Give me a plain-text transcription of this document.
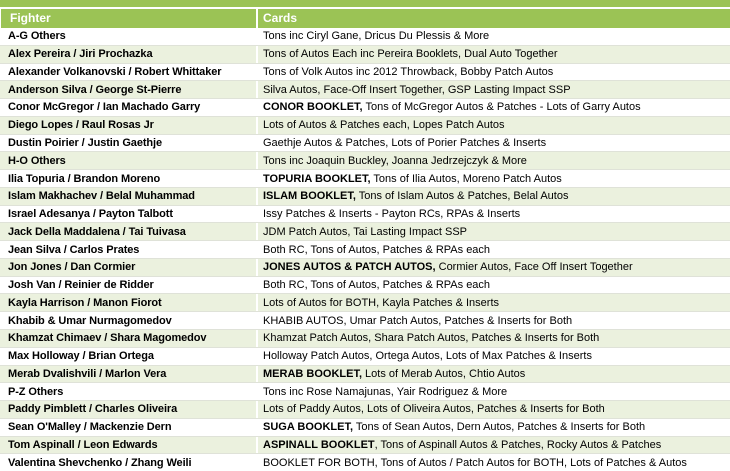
Fighter	Cards
A-G Others	Tons inc Ciryl Gane, Dricus Du Plessis & More
Alex Pereira / Jiri Prochazka	Tons of Autos Each inc Pereira Booklets, Dual Auto Together
Alexander Volkanovski / Robert Whittaker	Tons of Volk Autos inc 2012 Throwback, Bobby Patch Autos
Anderson Silva / George St-Pierre	Silva Autos, Face-Off Insert Together, GSP Lasting Impact SSP
Conor McGregor / Ian Machado Garry	CONOR BOOKLET, Tons of McGregor Autos & Patches - Lots of Garry Autos
Diego Lopes / Raul Rosas Jr	Lots of Autos & Patches each, Lopes Patch Autos
Dustin Poirier / Justin Gaethje	Gaethje Autos & Patches, Lots of Porier Patches & Inserts
H-O Others	Tons inc Joaquin Buckley, Joanna Jedrzejczyk & More
Ilia Topuria / Brandon Moreno	TOPURIA BOOKLET, Tons of Ilia Autos, Moreno Patch Autos
Islam Makhachev / Belal Muhammad	ISLAM BOOKLET, Tons of Islam Autos & Patches, Belal Autos
Israel Adesanya / Payton Talbott	Issy Patches & Inserts - Payton RCs, RPAs & Inserts
Jack Della Maddalena / Tai Tuivasa	JDM Patch Autos, Tai Lasting Impact SSP
Jean Silva / Carlos Prates	Both RC, Tons of Autos, Patches & RPAs each
Jon Jones / Dan Cormier	JONES AUTOS & PATCH AUTOS, Cormier Autos, Face Off Insert Together
Josh Van / Reinier de Ridder	Both RC, Tons of Autos, Patches & RPAs each
Kayla Harrison / Manon Fiorot	Lots of Autos for BOTH, Kayla Patches & Inserts
Khabib & Umar Nurmagomedov	KHABIB AUTOS, Umar Patch Autos, Patches & Inserts for Both
Khamzat Chimaev / Shara Magomedov	Khamzat Patch Autos, Shara Patch Autos, Patches & Inserts for Both
Max Holloway / Brian Ortega	Holloway Patch Autos, Ortega Autos, Lots of Max Patches & Inserts
Merab Dvalishvili / Marlon Vera	MERAB BOOKLET, Lots of Merab Autos, Chtio Autos
P-Z Others	Tons inc Rose Namajunas, Yair Rodriguez & More
Paddy Pimblett / Charles Oliveira	Lots of Paddy Autos, Lots of Oliveira Autos, Patches & Inserts for Both
Sean O'Malley / Mackenzie Dern	SUGA BOOKLET, Tons of Sean Autos, Dern Autos, Patches & Inserts for Both
Tom Aspinall / Leon Edwards	ASPINALL BOOKLET , Tons of Aspinall Autos & Patches, Rocky Autos & Patches
Valentina Shevchenko / Zhang Weili	BOOKLET FOR BOTH, Tons of Autos / Patch Autos for BOTH, Lots of Patches & Autos
